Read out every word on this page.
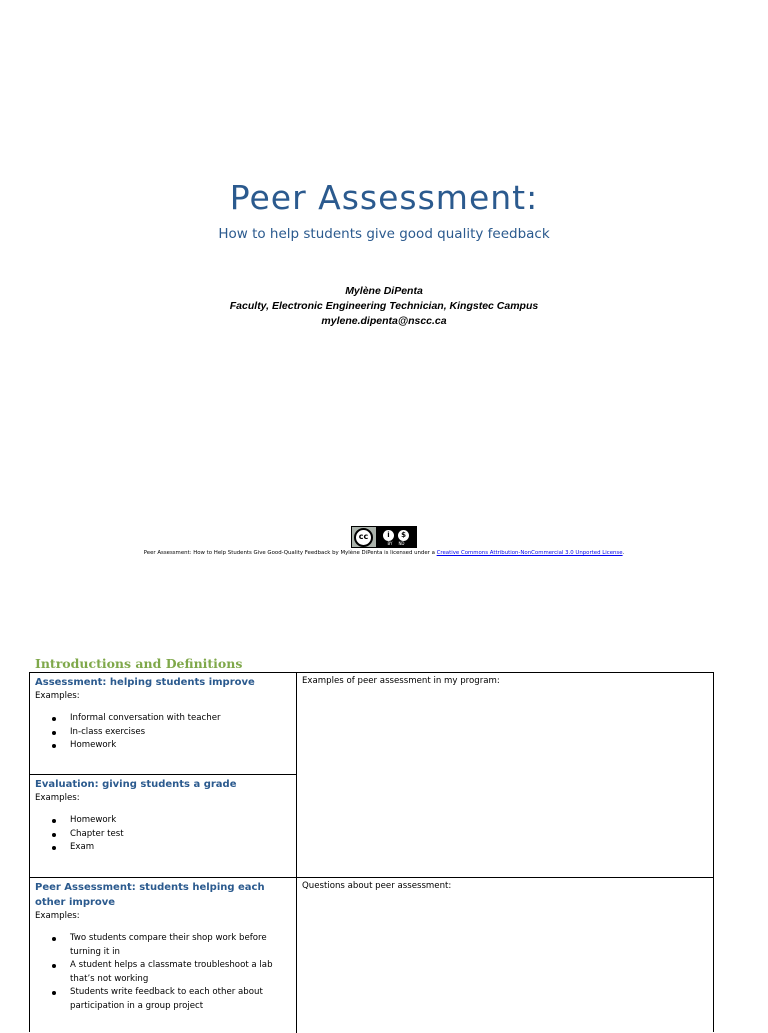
Peer Assessment:
How to help students give good quality feedback
Mylène DiPenta
Faculty, Electronic Engineering Technician, Kingstec Campus
mylene.dipenta@nscc.ca
cc	i	$
BY ND
Peer Assessment: How to Help Students Give Good-Quality Feedback by Mylène DiPenta is licensed under a Creative Commons Attribution-NonCommercial 3.0 Unported License.
Introductions and Definitions
Assessment: helping students improve
Examples:
Informal conversation with teacher
In-class exercises
Homework
Evaluation: giving students a grade
Examples:
Homework
Chapter test
Exam
Peer Assessment: students helping each other improve
Examples:
Two students compare their shop work before turning it in
A student helps a classmate troubleshoot a lab that’s not working
Students write feedback to each other about participation in a group project
Examples of peer assessment in my program:
Questions about peer assessment:
